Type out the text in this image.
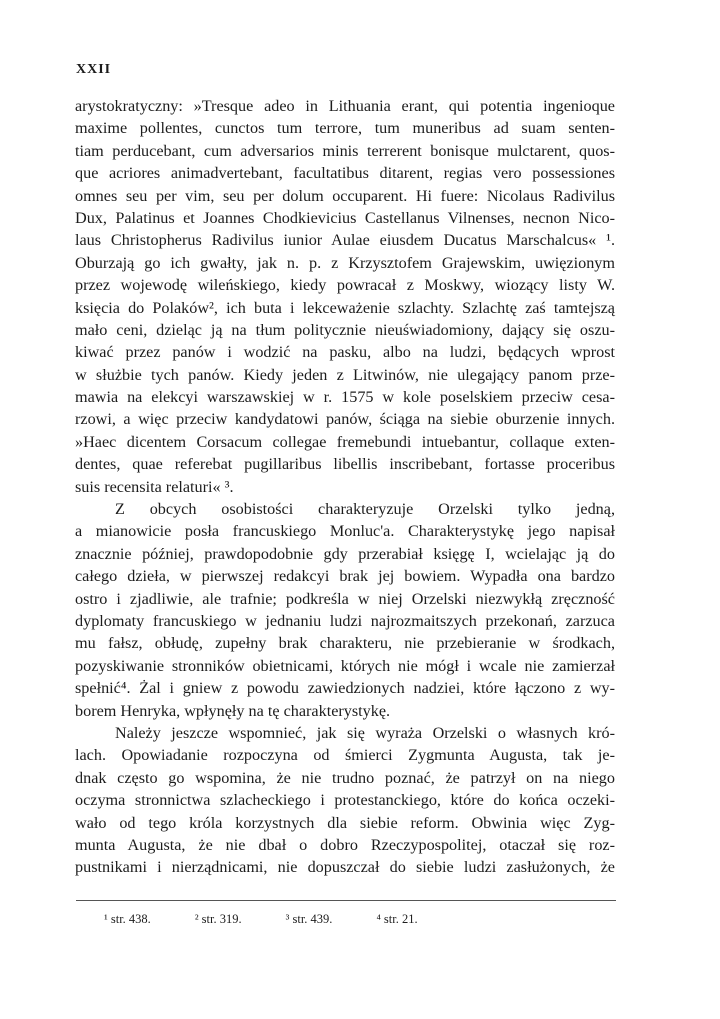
XXII
arystokratyczny: »Tresque adeo in Lithuania erant, qui potentia ingenioque
maxime pollentes, cunctos tum terrore, tum muneribus ad suam senten-
tiam perducebant, cum adversarios minis terrerent bonisque mulctarent, quos-
que acriores animadvertebant, facultatibus ditarent, regias vero possessiones
omnes seu per vim, seu per dolum occuparent. Hi fuere: Nicolaus Radivilus
Dux, Palatinus et Joannes Chodkievicius Castellanus Vilnenses, necnon Nico-
laus Christopherus Radivilus iunior Aulae eiusdem Ducatus Marschalcus« ¹.
Oburzają go ich gwałty, jak n. p. z Krzysztofem Grajewskim, uwięzionym
przez wojewodę wileńskiego, kiedy powracał z Moskwy, wiozący listy W.
księcia do Polaków², ich buta i lekceważenie szlachty. Szlachtę zaś tamtejszą
mało ceni, dzieląc ją na tłum politycznie nieuświadomiony, dający się oszu-
kiwać przez panów i wodzić na pasku, albo na ludzi, będących wprost
w służbie tych panów. Kiedy jeden z Litwinów, nie ulegający panom prze-
mawia na elekcyi warszawskiej w r. 1575 w kole poselskiem przeciw cesa-
rzowi, a więc przeciw kandydatowi panów, ściąga na siebie oburzenie innych.
»Haec dicentem Corsacum collegae fremebundi intuebantur, collaque exten-
dentes, quae referebat pugillaribus libellis inscribebant, fortasse proceribus
suis recensita relaturi« ³.
Z obcych osobistości charakteryzuje Orzelski tylko jedną,
a mianowicie posła francuskiego Monluc'a. Charakterystykę jego napisał
znacznie później, prawdopodobnie gdy przerabiał księgę I, wcielając ją do
całego dzieła, w pierwszej redakcyi brak jej bowiem. Wypadła ona bardzo
ostro i zjadliwie, ale trafnie; podkreśla w niej Orzelski niezwykłą zręczność
dyplomaty francuskiego w jednaniu ludzi najrozmaitszych przekonań, zarzuca
mu fałsz, obłudę, zupełny brak charakteru, nie przebieranie w środkach,
pozyskiwanie stronników obietnicami, których nie mógł i wcale nie zamierzał
spełnić⁴. Żal i gniew z powodu zawiedzionych nadziei, które łączono z wy-
borem Henryka, wpłynęły na tę charakterystykę.
Należy jeszcze wspomnieć, jak się wyraża Orzelski o własnych kró-
lach. Opowiadanie rozpoczyna od śmierci Zygmunta Augusta, tak je-
dnak często go wspomina, że nie trudno poznać, że patrzył on na niego
oczyma stronnictwa szlacheckiego i protestanckiego, które do końca oczeki-
wało od tego króla korzystnych dla siebie reform. Obwinia więc Zyg-
munta Augusta, że nie dbał o dobro Rzeczypospolitej, otaczał się roz-
pustnikami i nierządnicami, nie dopuszczał do siebie ludzi zasłużonych, że
¹ str. 438.	² str. 319.	³ str. 439.	⁴ str. 21.
